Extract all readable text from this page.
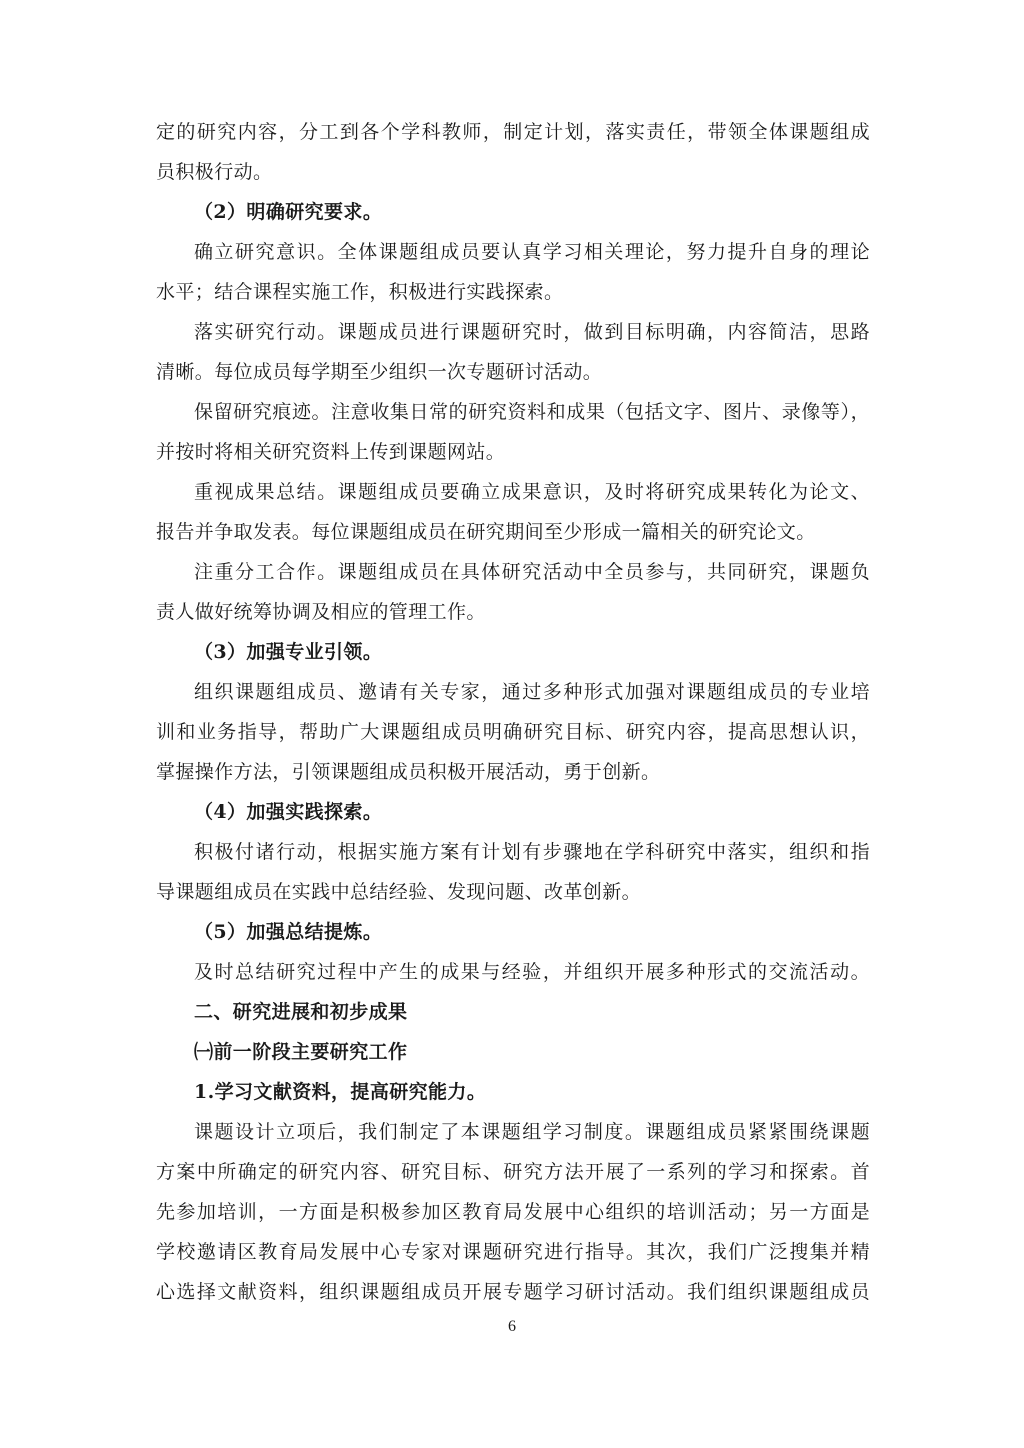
定的研究内容，分工到各个学科教师，制定计划，落实责任，带领全体课题组成
员积极行动。
（2）明确研究要求。
确立研究意识。全体课题组成员要认真学习相关理论，努力提升自身的理论
水平；结合课程实施工作，积极进行实践探索。
落实研究行动。课题成员进行课题研究时，做到目标明确，内容简洁，思路
清晰。每位成员每学期至少组织一次专题研讨活动。
保留研究痕迹。注意收集日常的研究资料和成果（包括文字、图片、录像等），
并按时将相关研究资料上传到课题网站。
重视成果总结。课题组成员要确立成果意识，及时将研究成果转化为论文、
报告并争取发表。每位课题组成员在研究期间至少形成一篇相关的研究论文。
注重分工合作。课题组成员在具体研究活动中全员参与，共同研究，课题负
责人做好统筹协调及相应的管理工作。
（3）加强专业引领。
组织课题组成员、邀请有关专家，通过多种形式加强对课题组成员的专业培
训和业务指导，帮助广大课题组成员明确研究目标、研究内容，提高思想认识，
掌握操作方法，引领课题组成员积极开展活动，勇于创新。
（4）加强实践探索。
积极付诸行动，根据实施方案有计划有步骤地在学科研究中落实，组织和指
导课题组成员在实践中总结经验、发现问题、改革创新。
（5）加强总结提炼。
及时总结研究过程中产生的成果与经验，并组织开展多种形式的交流活动。
二、研究进展和初步成果
㈠前一阶段主要研究工作
1.学习文献资料，提高研究能力。
课题设计立项后，我们制定了本课题组学习制度。课题组成员紧紧围绕课题
方案中所确定的研究内容、研究目标、研究方法开展了一系列的学习和探索。首
先参加培训，一方面是积极参加区教育局发展中心组织的培训活动；另一方面是
学校邀请区教育局发展中心专家对课题研究进行指导。其次，我们广泛搜集并精
心选择文献资料，组织课题组成员开展专题学习研讨活动。我们组织课题组成员
6
